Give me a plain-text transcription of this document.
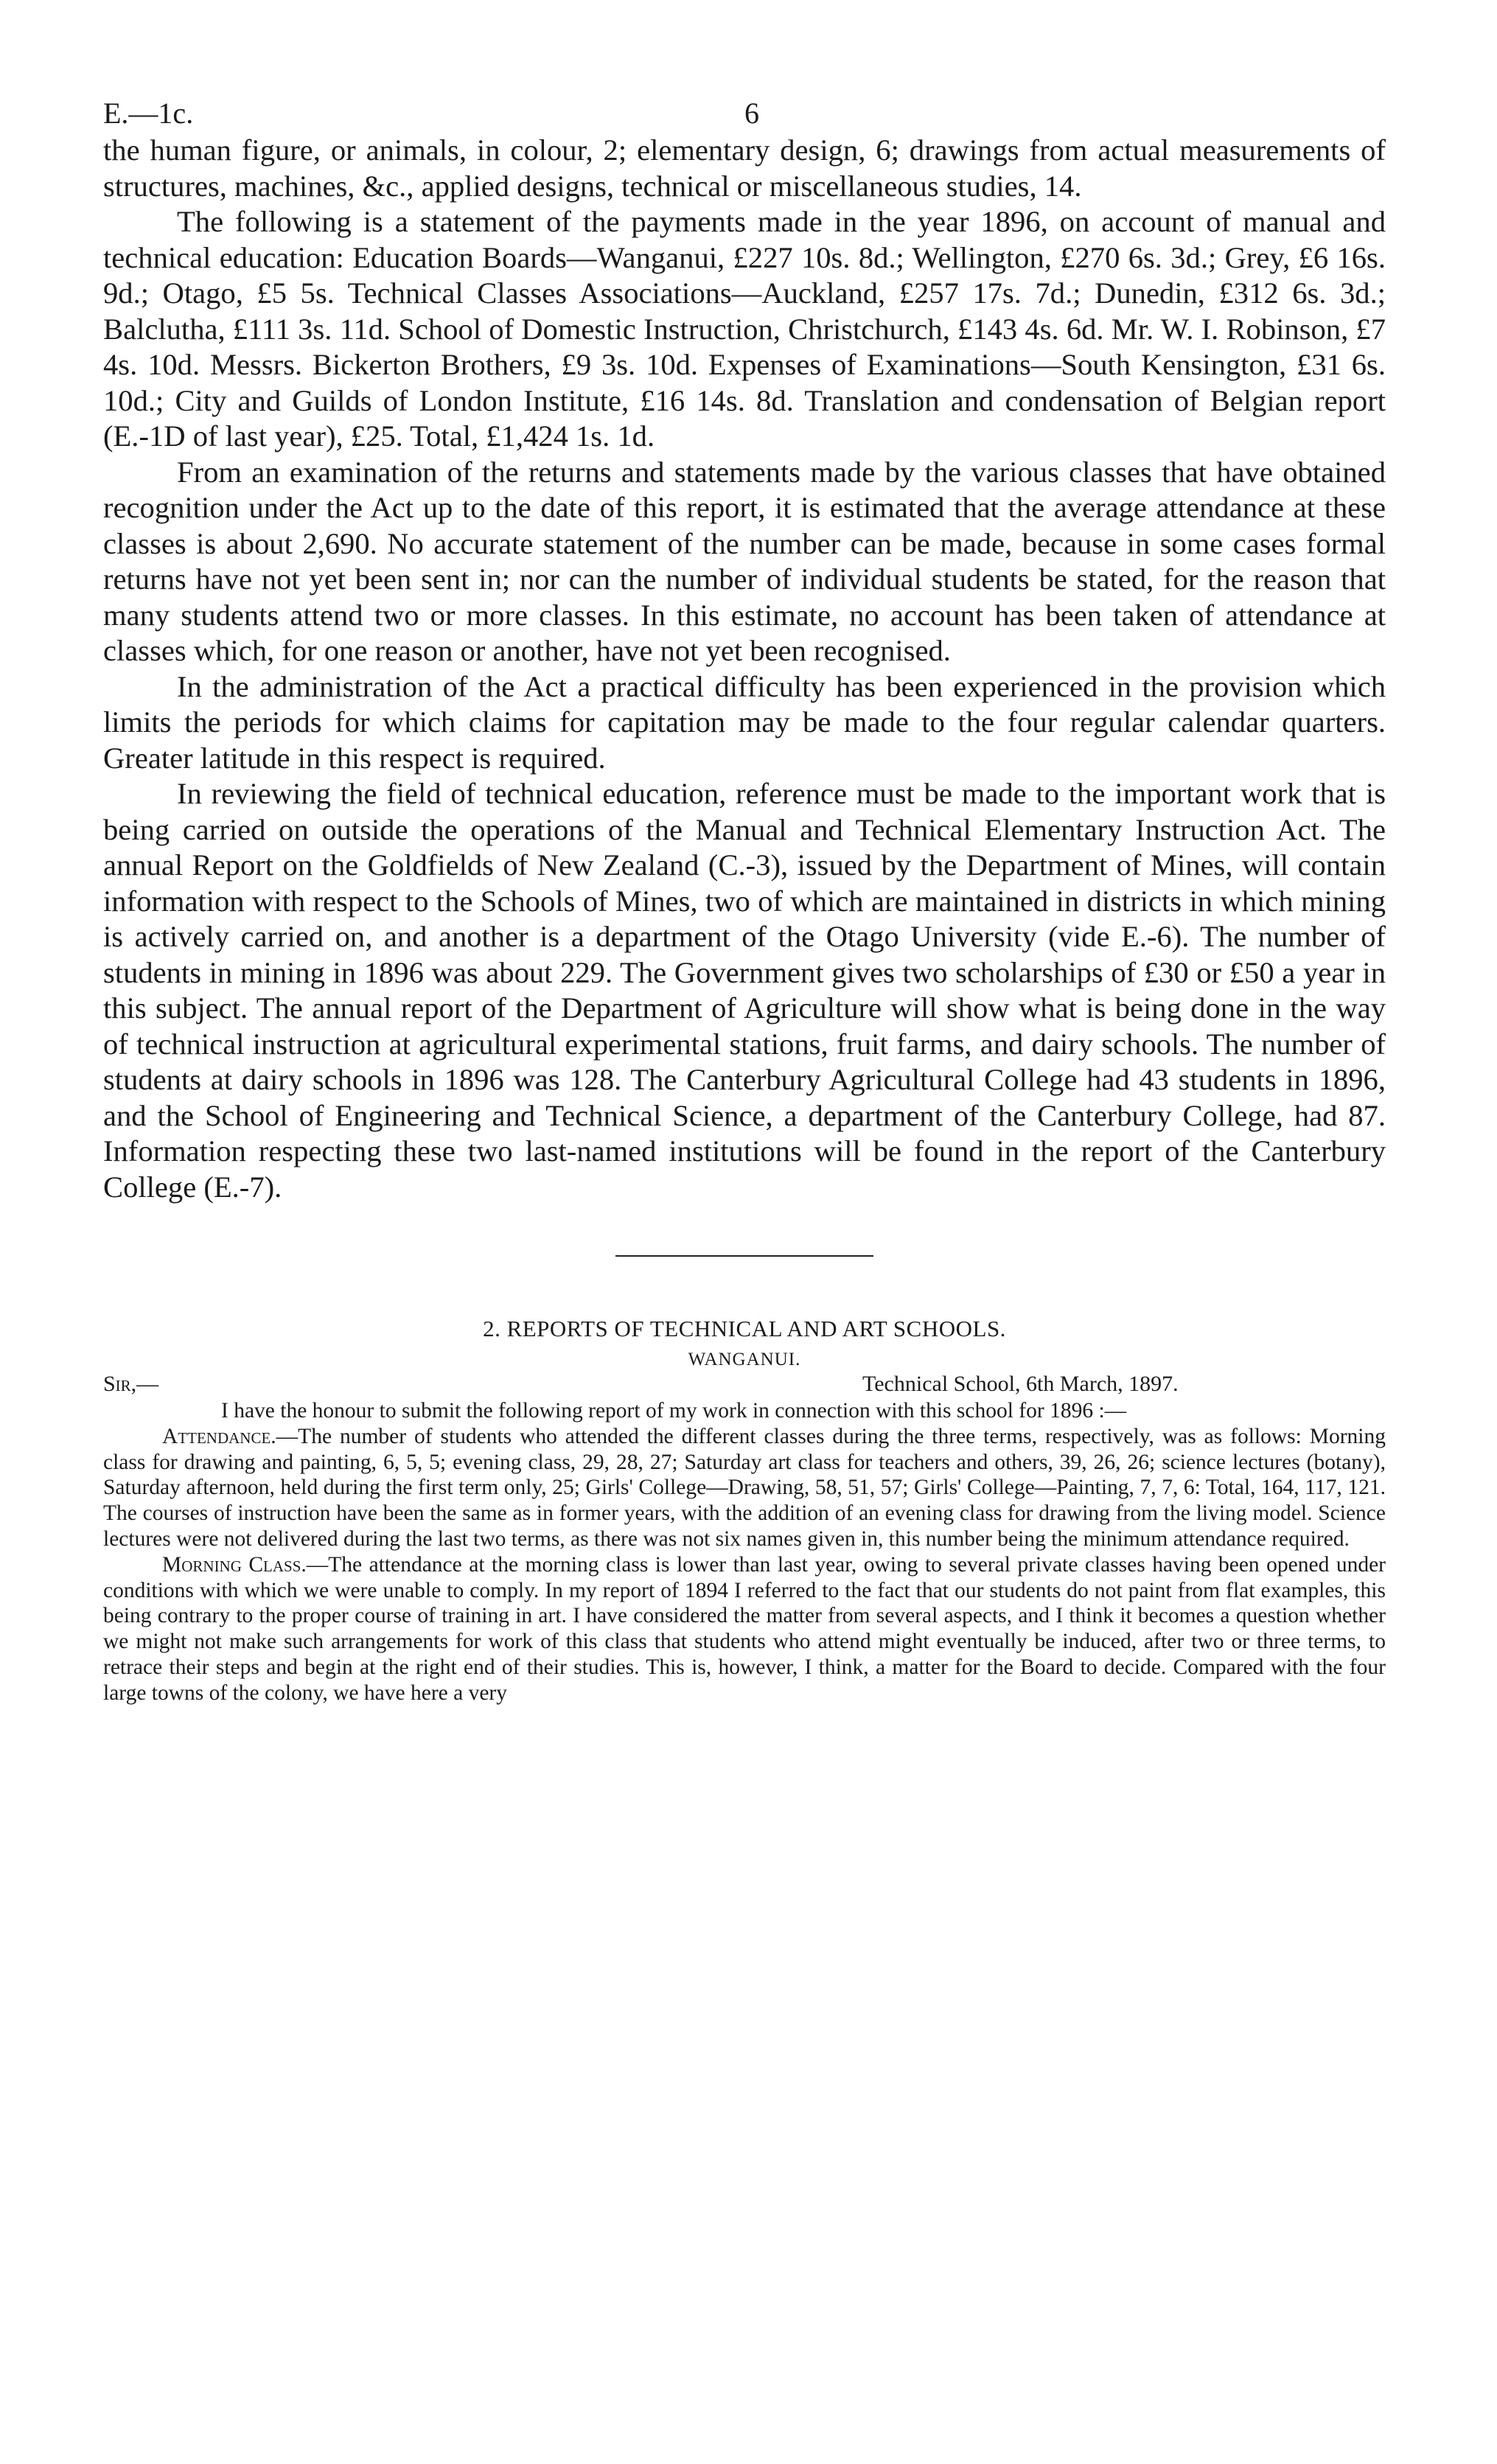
E.—1c.	6

the human figure, or animals, in colour, 2; elementary design, 6; drawings from actual measurements of structures, machines, &c., applied designs, technical or miscellaneous studies, 14.

The following is a statement of the payments made in the year 1896, on account of manual and technical education: Education Boards—Wanganui, £227 10s. 8d.; Wellington, £270 6s. 3d.; Grey, £6 16s. 9d.; Otago, £5 5s. Technical Classes Associations—Auckland, £257 17s. 7d.; Dunedin, £312 6s. 3d.; Balclutha, £111 3s. 11d. School of Domestic Instruction, Christchurch, £143 4s. 6d. Mr. W. I. Robinson, £7 4s. 10d. Messrs. Bickerton Brothers, £9 3s. 10d. Expenses of Examinations—South Kensington, £31 6s. 10d.; City and Guilds of London Institute, £16 14s. 8d. Translation and condensation of Belgian report (E.-1D of last year), £25. Total, £1,424 1s. 1d.

From an examination of the returns and statements made by the various classes that have obtained recognition under the Act up to the date of this report, it is estimated that the average attendance at these classes is about 2,690. No accurate statement of the number can be made, because in some cases formal returns have not yet been sent in; nor can the number of individual students be stated, for the reason that many students attend two or more classes. In this estimate, no account has been taken of attendance at classes which, for one reason or another, have not yet been recognised.

In the administration of the Act a practical difficulty has been experienced in the provision which limits the periods for which claims for capitation may be made to the four regular calendar quarters. Greater latitude in this respect is required.

In reviewing the field of technical education, reference must be made to the important work that is being carried on outside the operations of the Manual and Technical Elementary Instruction Act. The annual Report on the Goldfields of New Zealand (C.-3), issued by the Department of Mines, will contain information with respect to the Schools of Mines, two of which are maintained in districts in which mining is actively carried on, and another is a department of the Otago University (vide E.-6). The number of students in mining in 1896 was about 229. The Government gives two scholarships of £30 or £50 a year in this subject. The annual report of the Department of Agriculture will show what is being done in the way of technical instruction at agricultural experimental stations, fruit farms, and dairy schools. The number of students at dairy schools in 1896 was 128. The Canterbury Agricultural College had 43 students in 1896, and the School of Engineering and Technical Science, a department of the Canterbury College, had 87. Information respecting these two last-named institutions will be found in the report of the Canterbury College (E.-7).

2. REPORTS OF TECHNICAL AND ART SCHOOLS.
WANGANUI.
Sir,—	Technical School, 6th March, 1897.

I have the honour to submit the following report of my work in connection with this school for 1896 :—

Attendance.—The number of students who attended the different classes during the three terms, respectively, was as follows: Morning class for drawing and painting, 6, 5, 5; evening class, 29, 28, 27; Saturday art class for teachers and others, 39, 26, 26; science lectures (botany), Saturday afternoon, held during the first term only, 25; Girls' College—Drawing, 58, 51, 57; Girls' College—Painting, 7, 7, 6: Total, 164, 117, 121. The courses of instruction have been the same as in former years, with the addition of an evening class for drawing from the living model. Science lectures were not delivered during the last two terms, as there was not six names given in, this number being the minimum attendance required.

Morning Class.—The attendance at the morning class is lower than last year, owing to several private classes having been opened under conditions with which we were unable to comply. In my report of 1894 I referred to the fact that our students do not paint from flat examples, this being contrary to the proper course of training in art. I have considered the matter from several aspects, and I think it becomes a question whether we might not make such arrangements for work of this class that students who attend might eventually be induced, after two or three terms, to retrace their steps and begin at the right end of their studies. This is, however, I think, a matter for the Board to decide. Compared with the four large towns of the colony, we have here a very
